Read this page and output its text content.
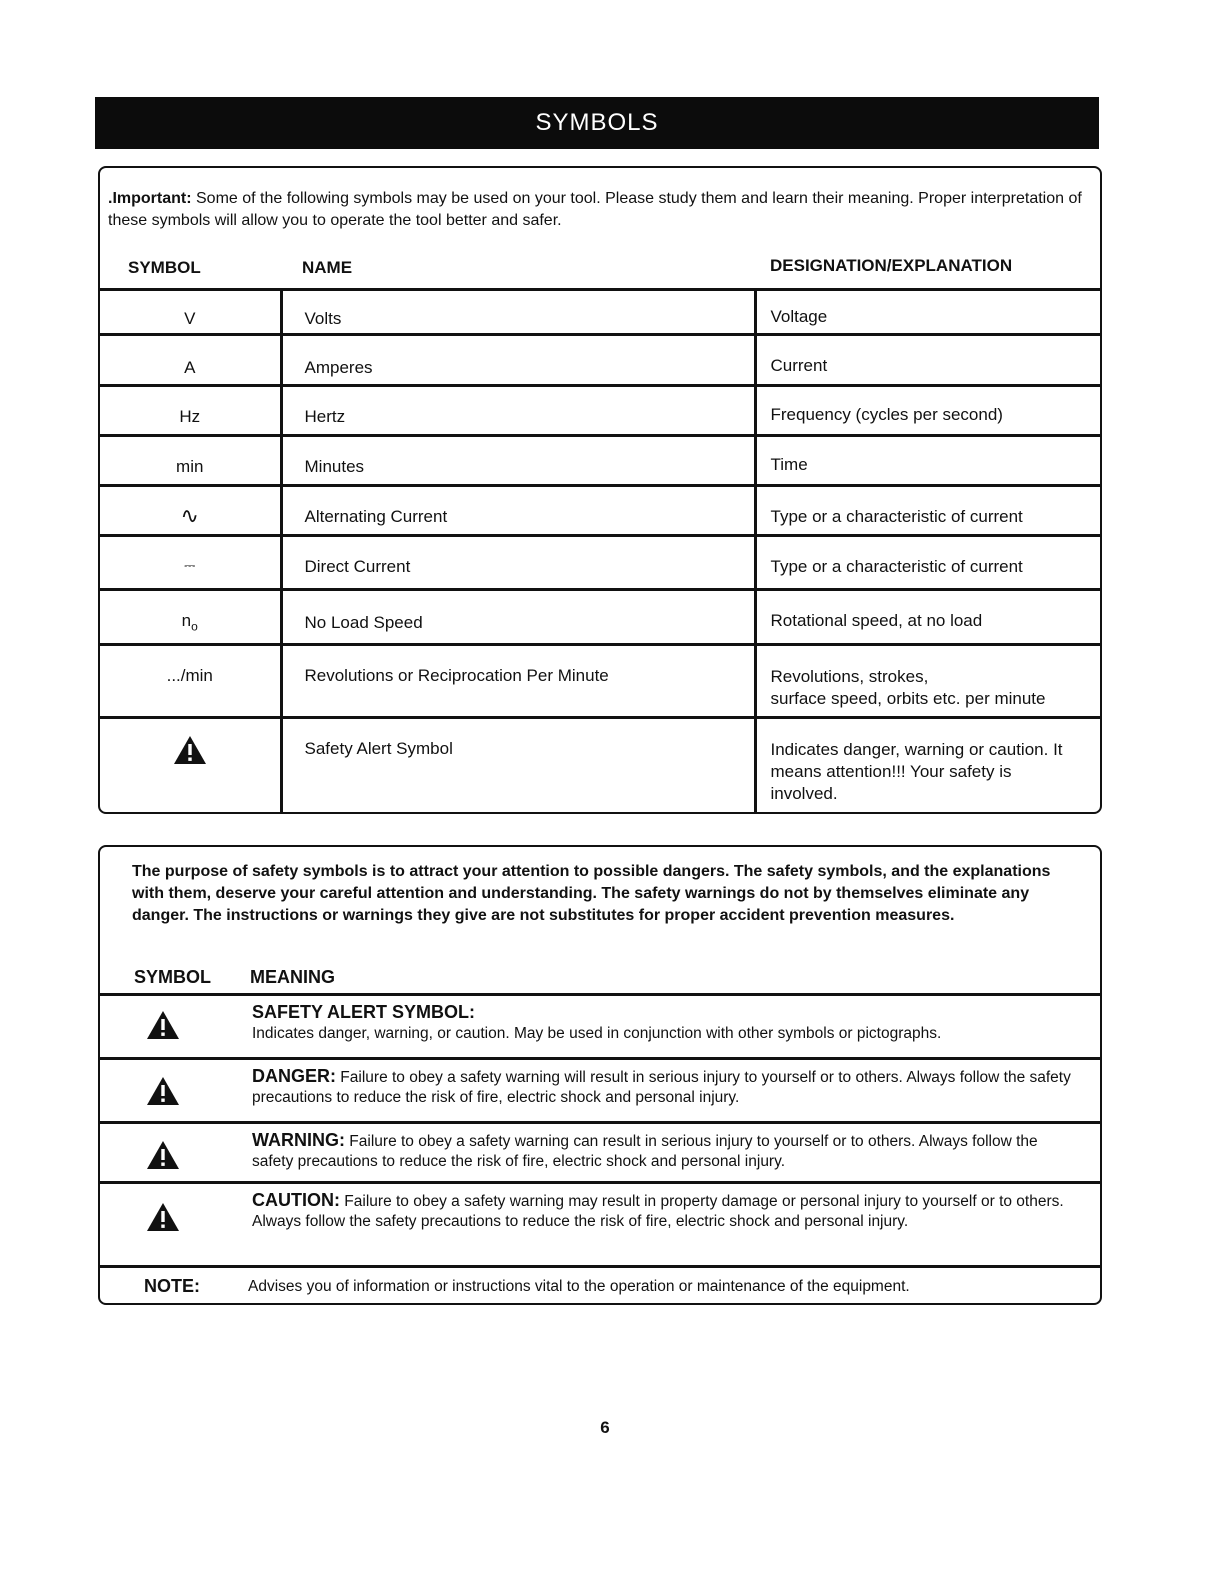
SYMBOLS
.Important: Some of the following symbols may be used on your tool. Please study them and learn their meaning. Proper interpretation of these symbols will allow you to operate the tool better and safer.
SYMBOL	NAME	DESIGNATION/EXPLANATION
V	Volts	Voltage
A	Amperes	Current
Hz	Hertz	Frequency (cycles per second)
min	Minutes	Time
∿	Alternating Current	Type or a characteristic of current
⎓	Direct Current	Type or a characteristic of current
$n_o$	No Load Speed	Rotational speed, at no load
.../min	Revolutions or Reciprocation Per Minute	Revolutions, strokes,
surface speed, orbits etc. per minute

	Safety Alert Symbol	Indicates danger, warning or caution. It means attention!!! Your safety is involved.
The purpose of safety symbols is to attract your attention to possible dangers. The safety symbols, and the explanations with them, deserve your careful attention and understanding. The safety warnings do not by themselves eliminate any danger. The instructions or warnings they give are not substitutes for proper accident prevention measures.
SYMBOL MEANING
SAFETY ALERT SYMBOL:
Indicates danger, warning, or caution. May be used in conjunction with other symbols or pictographs.
DANGER: Failure to obey a safety warning will result in serious injury to yourself or to others. Always follow the safety precautions to reduce the risk of fire, electric shock and personal injury.
WARNING: Failure to obey a safety warning can result in serious injury to yourself or to others. Always follow the safety precautions to reduce the risk of fire, electric shock and personal injury.
CAUTION: Failure to obey a safety warning may result in property damage or personal injury to yourself or to others. Always follow the safety precautions to reduce the risk of fire, electric shock and personal injury.
NOTE:	Advises you of information or instructions vital to the operation or maintenance of the equipment.
6
